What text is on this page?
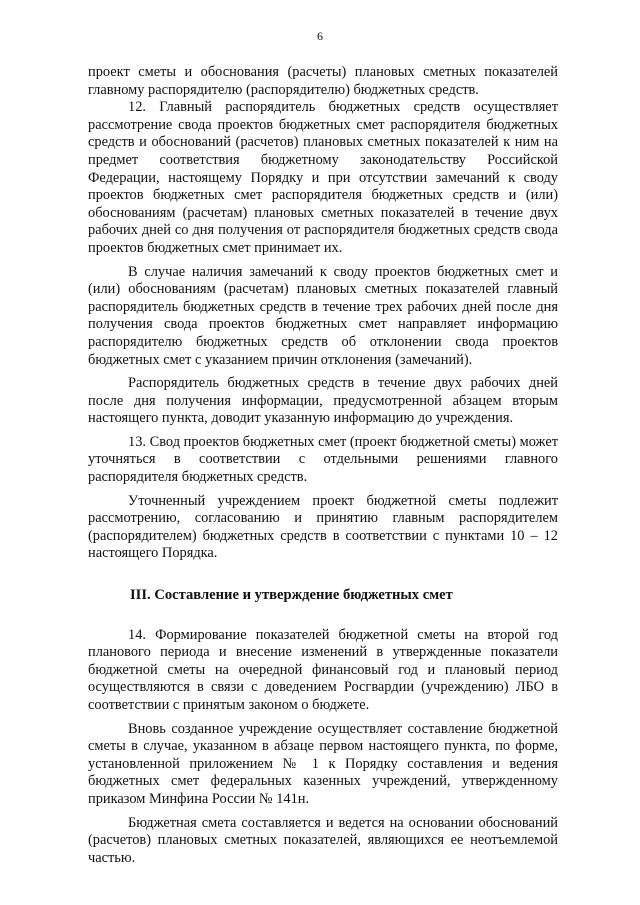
6

проект сметы и обоснования (расчеты) плановых сметных показателей главному распорядителю (распорядителю) бюджетных средств.

12. Главный распорядитель бюджетных средств осуществляет рассмотрение свода проектов бюджетных смет распорядителя бюджетных средств и обоснований (расчетов) плановых сметных показателей к ним на предмет соответствия бюджетному законодательству Российской Федерации, настоящему Порядку и при отсутствии замечаний к своду проектов бюджетных смет распорядителя бюджетных средств и (или) обоснованиям (расчетам) плановых сметных показателей в течение двух рабочих дней со дня получения от распорядителя бюджетных средств свода проектов бюджетных смет принимает их.

В случае наличия замечаний к своду проектов бюджетных смет и (или) обоснованиям (расчетам) плановых сметных показателей главный распорядитель бюджетных средств в течение трех рабочих дней после дня получения свода проектов бюджетных смет направляет информацию распорядителю бюджетных средств об отклонении свода проектов бюджетных смет с указанием причин отклонения (замечаний).

Распорядитель бюджетных средств в течение двух рабочих дней после дня получения информации, предусмотренной абзацем вторым настоящего пункта, доводит указанную информацию до учреждения.

13. Свод проектов бюджетных смет (проект бюджетной сметы) может уточняться в соответствии с отдельными решениями главного распорядителя бюджетных средств.

Уточненный учреждением проект бюджетной сметы подлежит рассмотрению, согласованию и принятию главным распорядителем (распорядителем) бюджетных средств в соответствии с пунктами 10 – 12 настоящего Порядка.

III. Составление и утверждение бюджетных смет

14. Формирование показателей бюджетной сметы на второй год планового периода и внесение изменений в утвержденные показатели бюджетной сметы на очередной финансовый год и плановый период осуществляются в связи с доведением Росгвардии (учреждению) ЛБО в соответствии с принятым законом о бюджете.

Вновь созданное учреждение осуществляет составление бюджетной сметы в случае, указанном в абзаце первом настоящего пункта, по форме, установленной приложением № 1 к Порядку составления и ведения бюджетных смет федеральных казенных учреждений, утвержденному приказом Минфина России № 141н.

Бюджетная смета составляется и ведется на основании обоснований (расчетов) плановых сметных показателей, являющихся ее неотъемлемой частью.
